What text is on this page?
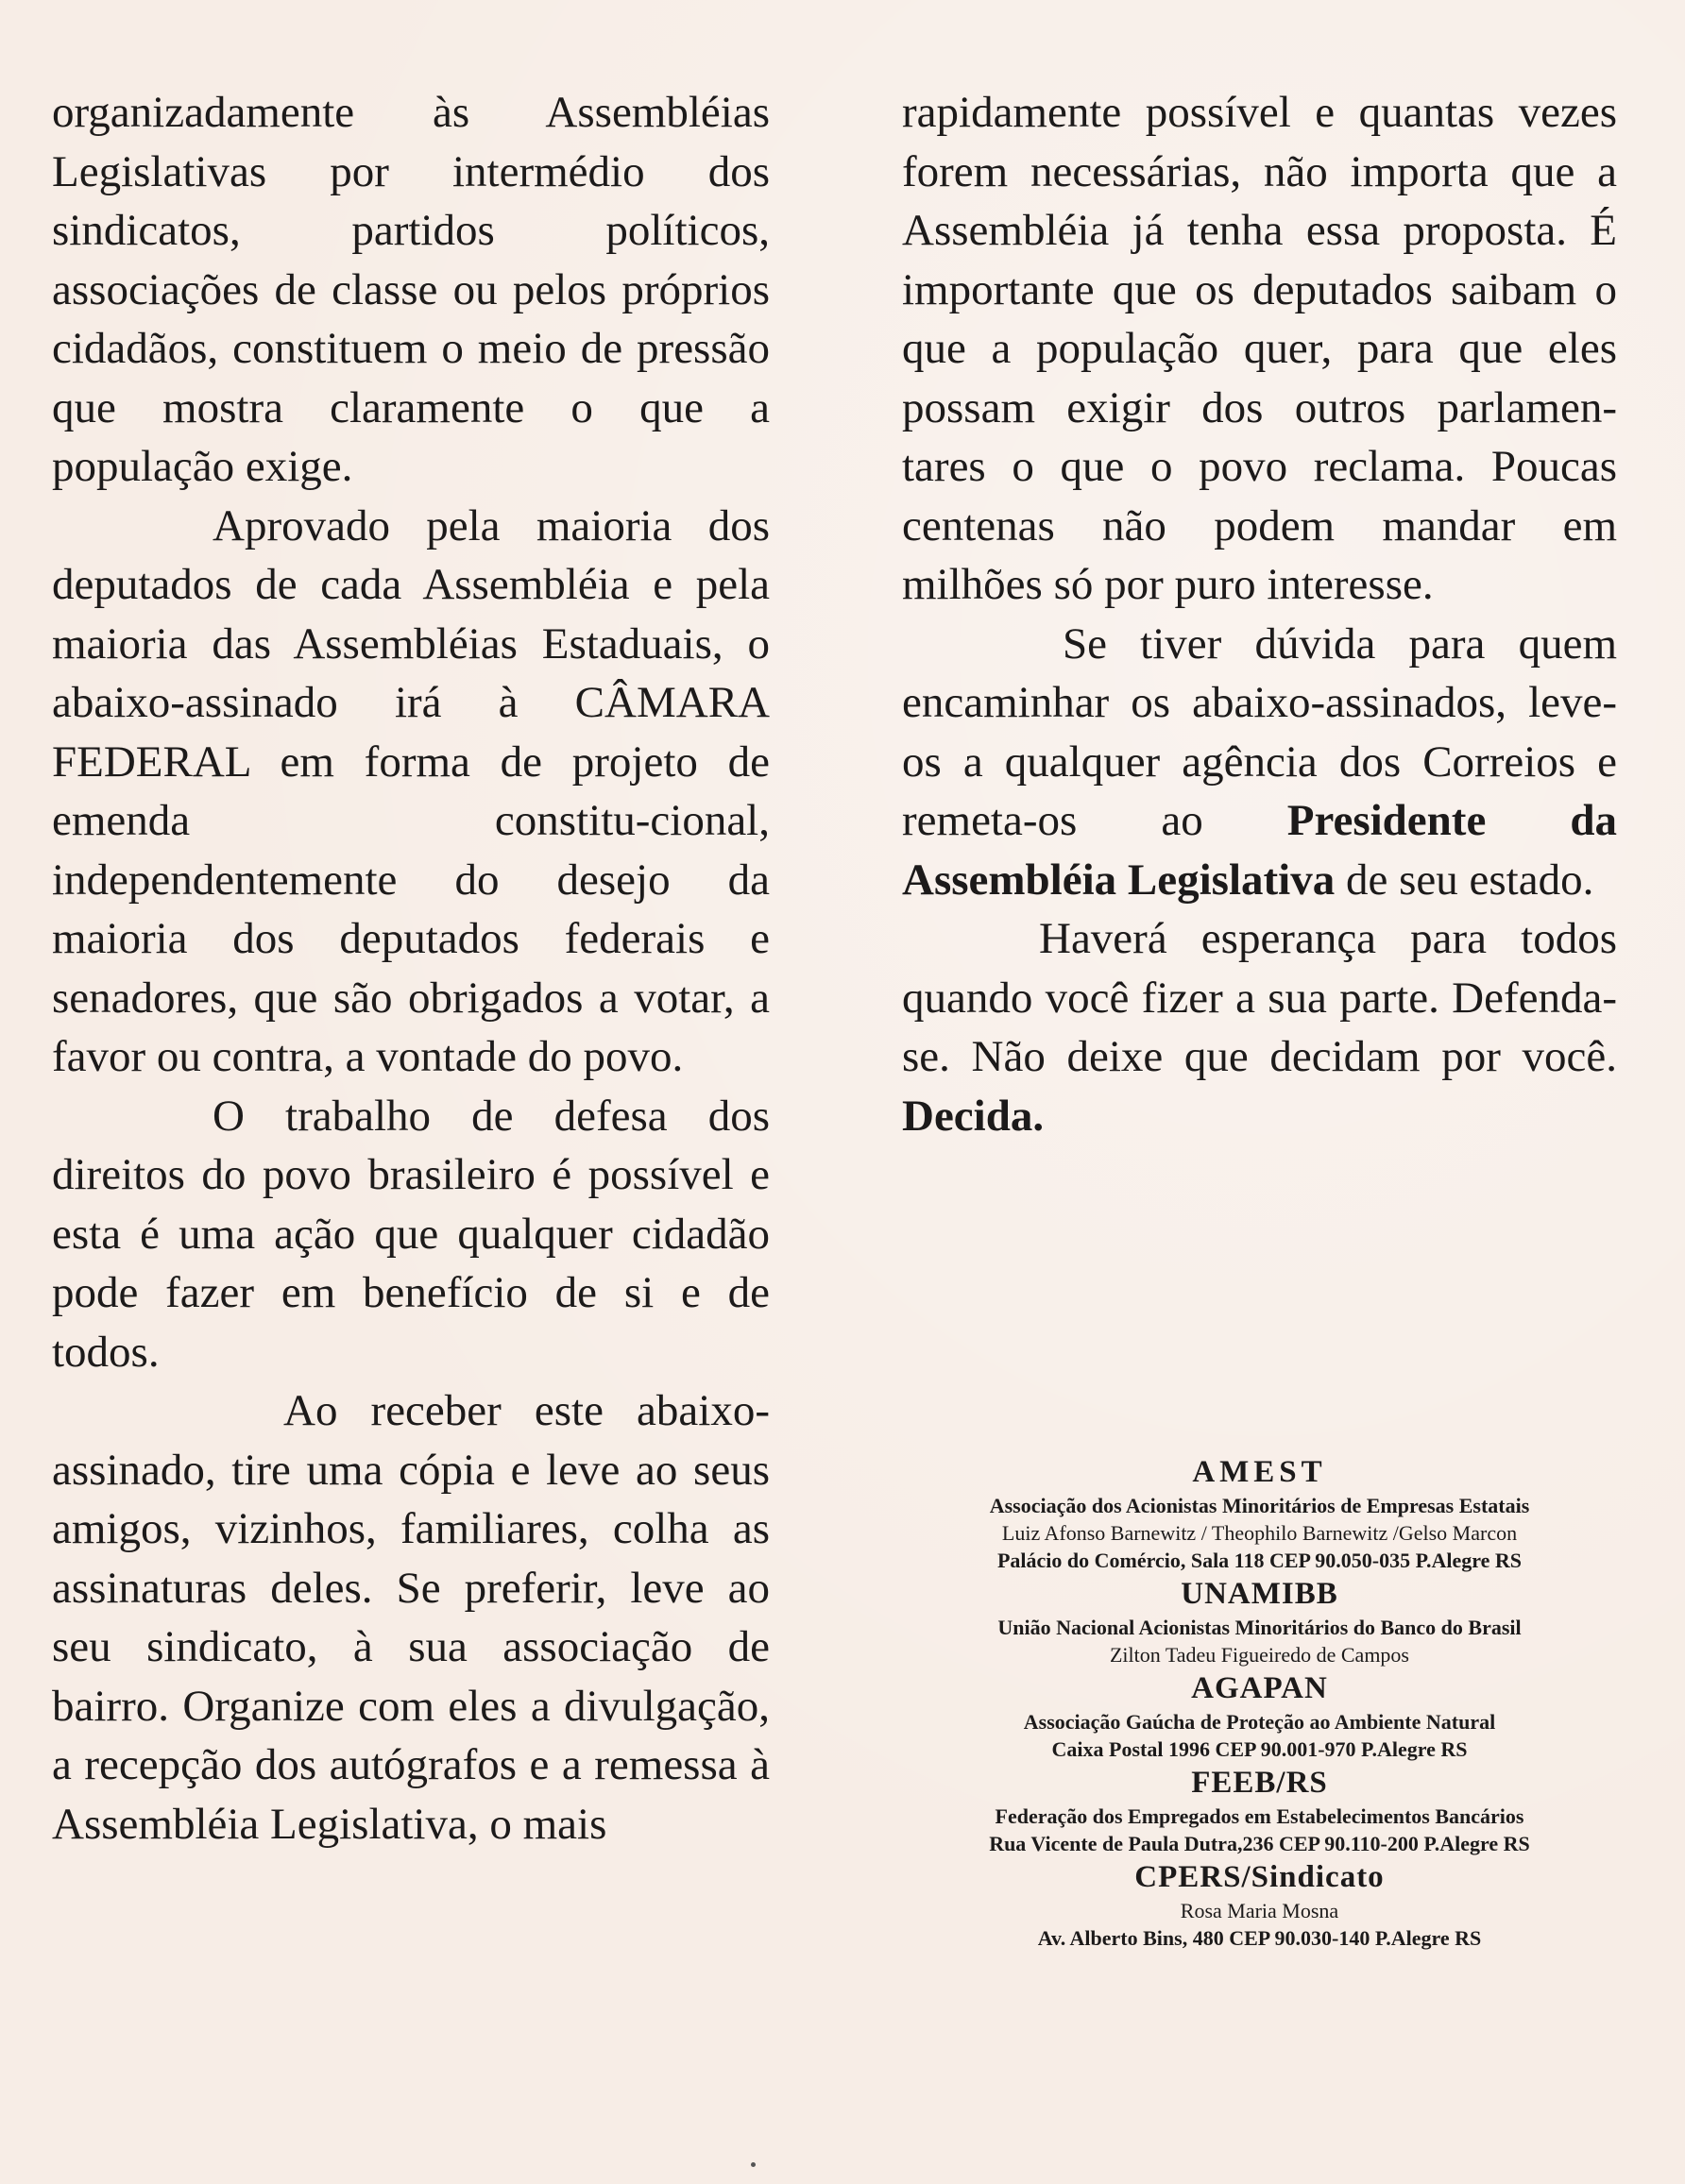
organizadamente às Assembléias Legislativas por intermédio dos sindicatos, partidos políticos, associações de classe ou pelos próprios cidadãos, constituem o meio de pressão que mostra claramente o que a população exige.

Aprovado pela maioria dos deputados de cada Assembléia e pela maioria das Assembléias Estaduais, o abaixo-assinado irá à CÂMARA FEDERAL em forma de projeto de emenda constitu-cional, independentemente do desejo da maioria dos deputados federais e senadores, que são obrigados a votar, a favor ou contra, a vontade do povo.

O trabalho de defesa dos direitos do povo brasileiro é possível e esta é uma ação que qualquer cidadão pode fazer em benefício de si e de todos.

Ao receber este abaixo-assinado, tire uma cópia e leve ao seus amigos, vizinhos, familiares, colha as assinaturas deles. Se preferir, leve ao seu sindicato, à sua associação de bairro. Organize com eles a divulgação, a recepção dos autógrafos e a remessa à Assembléia Legislativa, o mais

rapidamente possível e quantas vezes forem necessárias, não importa que a Assembléia já tenha essa proposta. É importante que os deputados saibam o que a população quer, para que eles possam exigir dos outros parlamen-tares o que o povo reclama. Poucas centenas não podem mandar em milhões só por puro interesse.

Se tiver dúvida para quem encaminhar os abaixo-assinados, leve-os a qualquer agência dos Correios e remeta-os ao Presidente da Assembléia Legislativa de seu estado.

Haverá esperança para todos quando você fizer a sua parte. Defenda-se. Não deixe que decidam por você. Decida.

AMEST
Associação dos Acionistas Minoritários de Empresas Estatais
Luiz Afonso Barnewitz / Theophilo Barnewitz /Gelso Marcon
Palácio do Comércio, Sala 118 CEP 90.050-035 P.Alegre RS
UNAMIBB
União Nacional Acionistas Minoritários do Banco do Brasil
Zilton Tadeu Figueiredo de Campos
AGAPAN
Associação Gaúcha de Proteção ao Ambiente Natural
Caixa Postal 1996 CEP 90.001-970 P.Alegre RS
FEEB/RS
Federação dos Empregados em Estabelecimentos Bancários
Rua Vicente de Paula Dutra,236 CEP 90.110-200 P.Alegre RS
CPERS/Sindicato
Rosa Maria Mosna
Av. Alberto Bins, 480 CEP 90.030-140 P.Alegre RS
